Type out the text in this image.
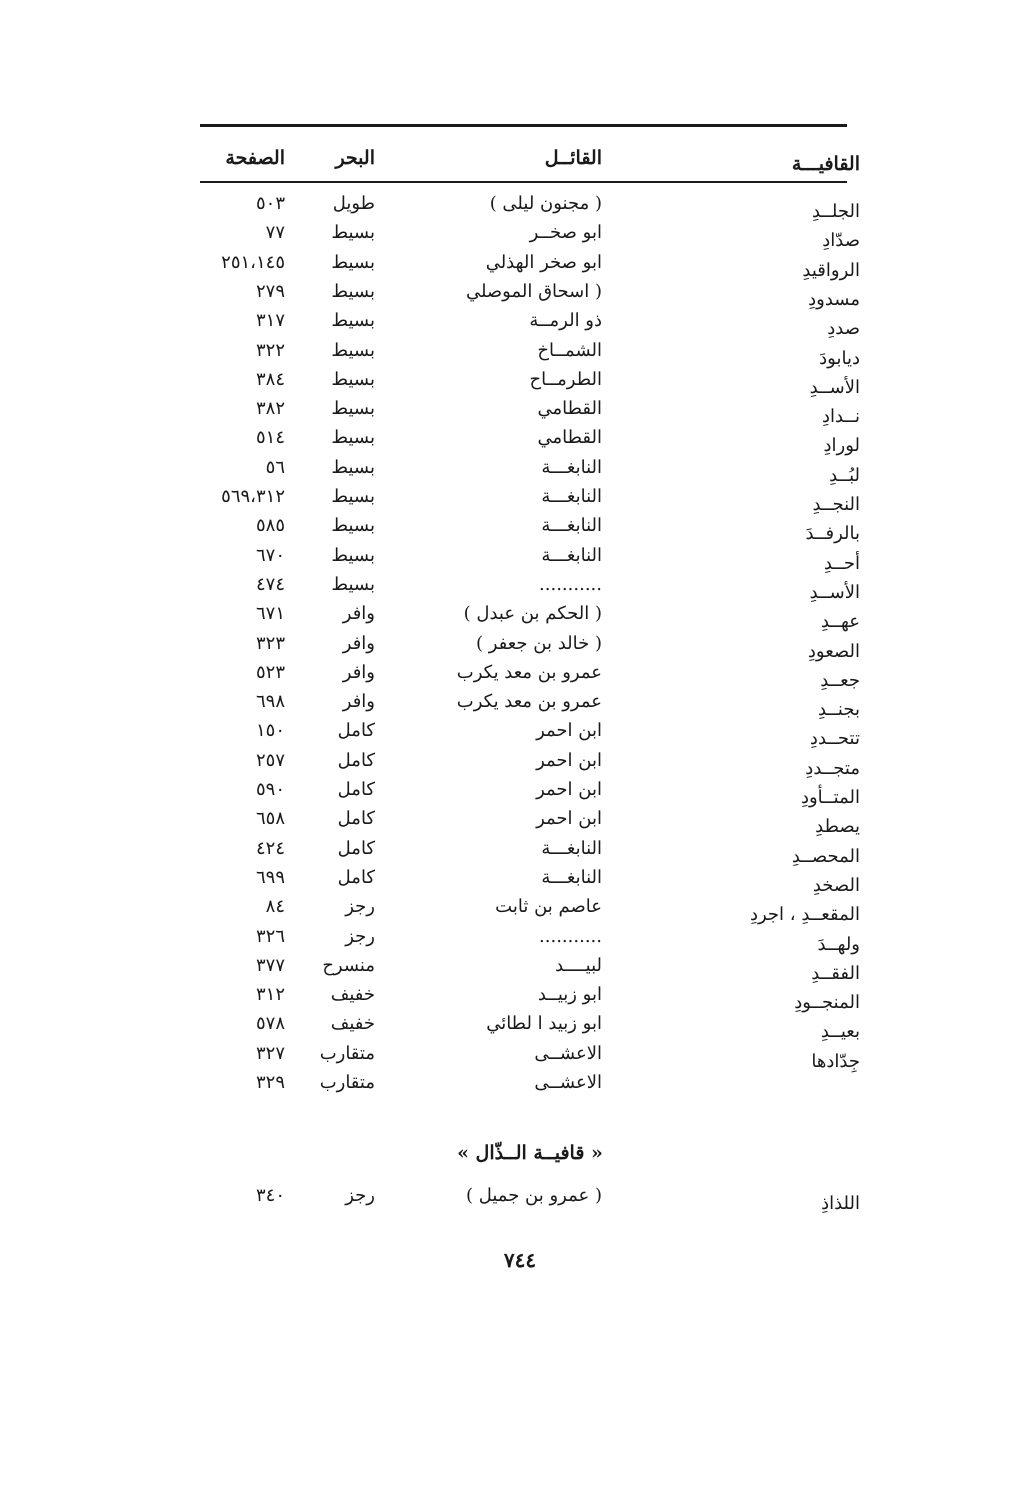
القافيـــة
القائــل
البحر
الصفحة
الجلــدِ
( مجنون ليلى )
طويل
٥٠٣
صدّادِ
ابو صخــر
بسيط
٧٧
الرواقيدِ
ابو صخر الهذلي
بسيط
٢٥١،١٤٥
مسدودِ
( اسحاق الموصلي
بسيط
٢٧٩
صددِ
ذو الرمــة
بسيط
٣١٧
ديابودَ
الشمــاخ
بسيط
٣٢٢
الأســدِ
الطرمــاح
بسيط
٣٨٤
نــدادِ
القطامي
بسيط
٣٨٢
لورادِ
القطامي
بسيط
٥١٤
لبُــدِ
النابغـــة
بسيط
٥٦
النجــدِ
النابغـــة
بسيط
٥٦٩،٣١٢
بالرفــدَ
النابغـــة
بسيط
٥٨٥
أحــدِ
النابغـــة
بسيط
٦٧٠
الأســدِ
...........
بسيط
٤٧٤
عهــدِ
( الحكم بن عبدل )
وافر
٦٧١
الصعودِ
( خالد بن جعفر )
وافر
٣٢٣
جعــدِ
عمرو بن معد يكرب
وافر
٥٢٣
بجنــدِ
عمرو بن معد يكرب
وافر
٦٩٨
تتحــددِ
ابن احمر
كامل
١٥٠
متجــددِ
ابن احمر
كامل
٢٥٧
المتــأودِ
ابن احمر
كامل
٥٩٠
يصطدِ
ابن احمر
كامل
٦٥٨
المحصــدِ
النابغـــة
كامل
٤٢٤
الصخدِ
النابغـــة
كامل
٦٩٩
المقعــدِ ، اجردِ
عاصم بن ثابت
رجز
٨٤
ولهــدَ
...........
رجز
٣٢٦
الفقــدِ
لبيــــد
منسرح
٣٧٧
المنجــودِ
ابو زبيــد
خفيف
٣١٢
بعيــدِ
ابو زبيد ا لطائي
خفيف
٥٧٨
جِدّادها
الاعشــى
متقارب
٣٢٧
الاعشــى
متقارب
٣٢٩
« قافيــة الــذّال »
اللذاذِ
( عمرو بن جميل )
رجز
٣٤٠
٧٤٤
